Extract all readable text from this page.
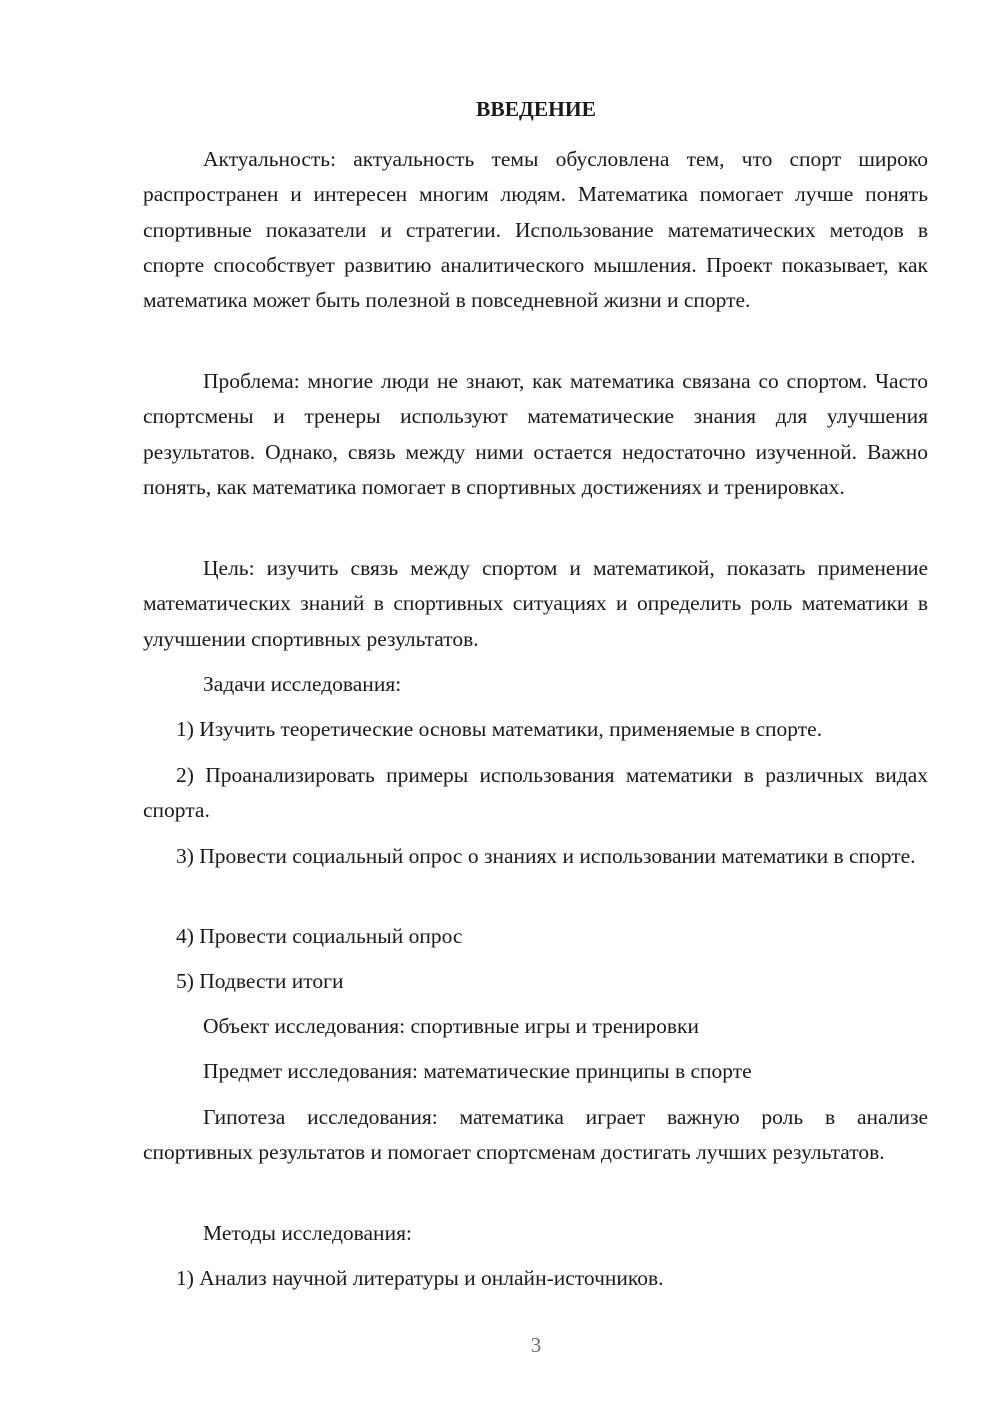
ВВЕДЕНИЕ

Актуальность: актуальность темы обусловлена тем, что спорт широко распространен и интересен многим людям. Математика помогает лучше понять спортивные показатели и стратегии. Использование математических методов в спорте способствует развитию аналитического мышления. Проект показывает, как математика может быть полезной в повседневной жизни и спорте.

Проблема: многие люди не знают, как математика связана со спортом. Часто спортсмены и тренеры используют математические знания для улучшения результатов. Однако, связь между ними остается недостаточно изученной. Важно понять, как математика помогает в спортивных достижениях и тренировках.

Цель: изучить связь между спортом и математикой, показать применение математических знаний в спортивных ситуациях и определить роль математики в улучшении спортивных результатов.

Задачи исследования:

1) Изучить теоретические основы математики, применяемые в спорте.

2) Проанализировать примеры использования математики в различных видах спорта.

3) Провести социальный опрос о знаниях и использовании математики в спорте.

4) Провести социальный опрос

5) Подвести итоги

Объект исследования: спортивные игры и тренировки

Предмет исследования: математические принципы в спорте

Гипотеза исследования: математика играет важную роль в анализе спортивных результатов и помогает спортсменам достигать лучших результатов.

Методы исследования:

1) Анализ научной литературы и онлайн-источников.

3
